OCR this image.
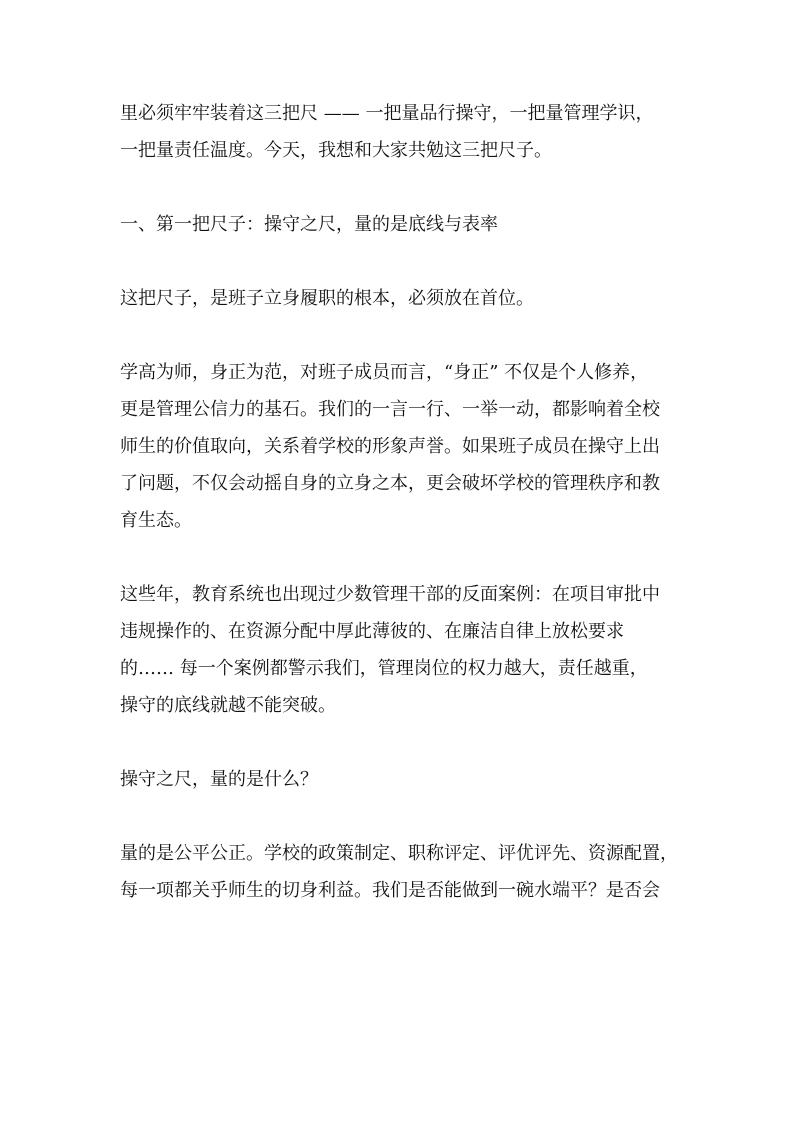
里必须牢牢装着这三把尺 —— 一把量品行操守，一把量管理学识，
一把量责任温度。今天，我想和大家共勉这三把尺子。
一、第一把尺子：操守之尺，量的是底线与表率
这把尺子，是班子立身履职的根本，必须放在首位。
学高为师，身正为范，对班子成员而言，“身正” 不仅是个人修养，
更是管理公信力的基石。我们的一言一行、一举一动，都影响着全校
师生的价值取向，关系着学校的形象声誉。如果班子成员在操守上出
了问题，不仅会动摇自身的立身之本，更会破坏学校的管理秩序和教
育生态。
这些年，教育系统也出现过少数管理干部的反面案例：在项目审批中
违规操作的、在资源分配中厚此薄彼的、在廉洁自律上放松要求
的…… 每一个案例都警示我们，管理岗位的权力越大，责任越重，
操守的底线就越不能突破。
操守之尺，量的是什么？
量的是公平公正。学校的政策制定、职称评定、评优评先、资源配置，
每一项都关乎师生的切身利益。我们是否能做到一碗水端平？是否会
